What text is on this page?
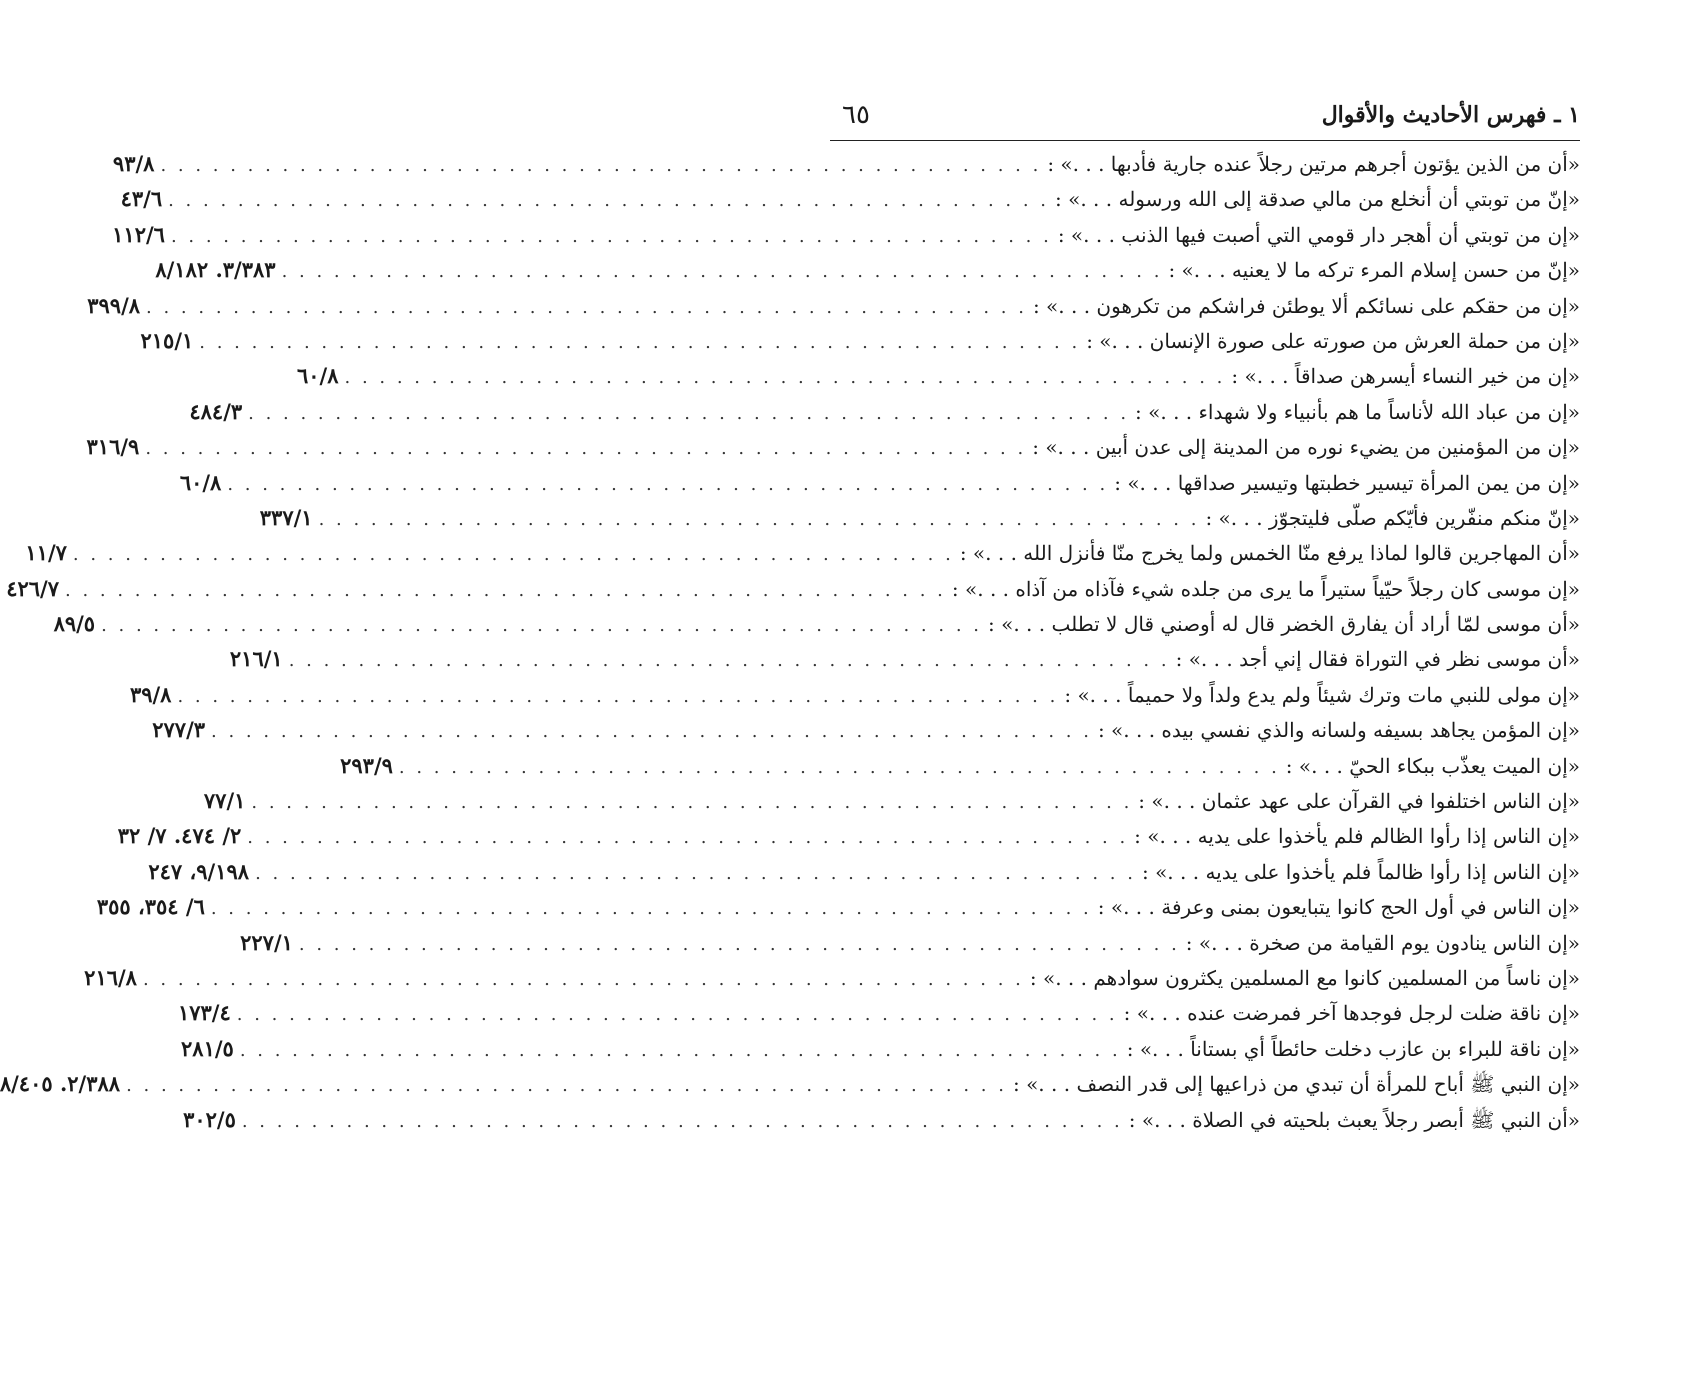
١ ـ فهرس الأحاديث والأقوال
٦٥
«أن من الذين يؤتون أجرهم مرتين رجلاً عنده جارية فأدبها . . .» :
. . . . . . . . . . . . . . . . . . . . . . . . . . . . . . . . . . . . . . . . . . . . . . . . . . .
٩٣/٨
«إنّ من توبتي أن أنخلع من مالي صدقة إلى الله ورسوله . . .» :
. . . . . . . . . . . . . . . . . . . . . . . . . . . . . . . . . . . . . . . . . . . . . . . . . . .
٤٣/٦
«إن من توبتي أن أهجر دار قومي التي أصبت فيها الذنب . . .» :
. . . . . . . . . . . . . . . . . . . . . . . . . . . . . . . . . . . . . . . . . . . . . . . . . . .
١١٢/٦
«إنّ من حسن إسلام المرء تركه ما لا يعنيه . . .» :
. . . . . . . . . . . . . . . . . . . . . . . . . . . . . . . . . . . . . . . . . . . . . . . . . . .
٣/٣٨٣. ٨/١٨٢
«إن من حقكم على نسائكم ألا يوطئن فراشكم من تكرهون . . .» :
. . . . . . . . . . . . . . . . . . . . . . . . . . . . . . . . . . . . . . . . . . . . . . . . . . .
٣٩٩/٨
«إن من حملة العرش من صورته على صورة الإنسان . . .» :
. . . . . . . . . . . . . . . . . . . . . . . . . . . . . . . . . . . . . . . . . . . . . . . . . . .
٢١٥/١
«إن من خير النساء أيسرهن صداقاً . . .» :
. . . . . . . . . . . . . . . . . . . . . . . . . . . . . . . . . . . . . . . . . . . . . . . . . . .
٦٠/٨
«إن من عباد الله لأناساً ما هم بأنبياء ولا شهداء . . .» :
. . . . . . . . . . . . . . . . . . . . . . . . . . . . . . . . . . . . . . . . . . . . . . . . . . .
٤٨٤/٣
«إن من المؤمنين من يضيء نوره من المدينة إلى عدن أبين . . .» :
. . . . . . . . . . . . . . . . . . . . . . . . . . . . . . . . . . . . . . . . . . . . . . . . . . .
٣١٦/٩
«إن من يمن المرأة تيسير خطبتها وتيسير صداقها . . .» :
. . . . . . . . . . . . . . . . . . . . . . . . . . . . . . . . . . . . . . . . . . . . . . . . . . .
٦٠/٨
«إنّ منكم منفّرين فأيّكم صلّى فليتجوّز . . .» :
. . . . . . . . . . . . . . . . . . . . . . . . . . . . . . . . . . . . . . . . . . . . . . . . . . .
٣٣٧/١
«أن المهاجرين قالوا لماذا يرفع منّا الخمس ولما يخرج منّا فأنزل الله . . .» :
. . . . . . . . . . . . . . . . . . . . . . . . . . . . . . . . . . . . . . . . . . . . . . . . . . .
١١/٧
«إن موسى كان رجلاً حيّياً ستيراً ما يرى من جلده شيء فآذاه من آذاه . . .» :
. . . . . . . . . . . . . . . . . . . . . . . . . . . . . . . . . . . . . . . . . . . . . . . . . . .
٤٢٦/٧
«أن موسى لمّا أراد أن يفارق الخضر قال له أوصني قال لا تطلب . . .» :
. . . . . . . . . . . . . . . . . . . . . . . . . . . . . . . . . . . . . . . . . . . . . . . . . . .
٨٩/٥
«أن موسى نظر في التوراة فقال إني أجد . . .» :
. . . . . . . . . . . . . . . . . . . . . . . . . . . . . . . . . . . . . . . . . . . . . . . . . . .
٢١٦/١
«إن مولى للنبي مات وترك شيئاً ولم يدع ولداً ولا حميماً . . .» :
. . . . . . . . . . . . . . . . . . . . . . . . . . . . . . . . . . . . . . . . . . . . . . . . . . .
٣٩/٨
«إن المؤمن يجاهد بسيفه ولسانه والذي نفسي بيده . . .» :
. . . . . . . . . . . . . . . . . . . . . . . . . . . . . . . . . . . . . . . . . . . . . . . . . . .
٢٧٧/٣
«إن الميت يعذّب ببكاء الحيّ . . .» :
. . . . . . . . . . . . . . . . . . . . . . . . . . . . . . . . . . . . . . . . . . . . . . . . . . .
٢٩٣/٩
«إن الناس اختلفوا في القرآن على عهد عثمان . . .» :
. . . . . . . . . . . . . . . . . . . . . . . . . . . . . . . . . . . . . . . . . . . . . . . . . . .
٧٧/١
«إن الناس إذا رأوا الظالم فلم يأخذوا على يديه . . .» :
. . . . . . . . . . . . . . . . . . . . . . . . . . . . . . . . . . . . . . . . . . . . . . . . . . .
٢/ ٤٧٤. ٧/ ٣٢
«إن الناس إذا رأوا ظالماً فلم يأخذوا على يديه . . .» :
. . . . . . . . . . . . . . . . . . . . . . . . . . . . . . . . . . . . . . . . . . . . . . . . . . .
٩/١٩٨، ٢٤٧
«إن الناس في أول الحج كانوا يتبايعون بمنى وعرفة . . .» :
. . . . . . . . . . . . . . . . . . . . . . . . . . . . . . . . . . . . . . . . . . . . . . . . . . .
٦/ ٣٥٤، ٣٥٥
«إن الناس ينادون يوم القيامة من صخرة . . .» :
. . . . . . . . . . . . . . . . . . . . . . . . . . . . . . . . . . . . . . . . . . . . . . . . . . .
٢٢٧/١
«إن ناساً من المسلمين كانوا مع المسلمين يكثرون سوادهم . . .» :
. . . . . . . . . . . . . . . . . . . . . . . . . . . . . . . . . . . . . . . . . . . . . . . . . . .
٢١٦/٨
«إن ناقة ضلت لرجل فوجدها آخر فمرضت عنده . . .» :
. . . . . . . . . . . . . . . . . . . . . . . . . . . . . . . . . . . . . . . . . . . . . . . . . . .
١٧٣/٤
«إن ناقة للبراء بن عازب دخلت حائطاً أي بستاناً . . .» :
. . . . . . . . . . . . . . . . . . . . . . . . . . . . . . . . . . . . . . . . . . . . . . . . . . .
٢٨١/٥
«إن النبي ﷺ أباح للمرأة أن تبدي من ذراعيها إلى قدر النصف . . .» :
. . . . . . . . . . . . . . . . . . . . . . . . . . . . . . . . . . . . . . . . . . . . . . . . . . .
٢/٣٨٨. ٨/٤٠٥
«أن النبي ﷺ أبصر رجلاً يعبث بلحيته في الصلاة . . .» :
. . . . . . . . . . . . . . . . . . . . . . . . . . . . . . . . . . . . . . . . . . . . . . . . . . .
٣٠٢/٥
